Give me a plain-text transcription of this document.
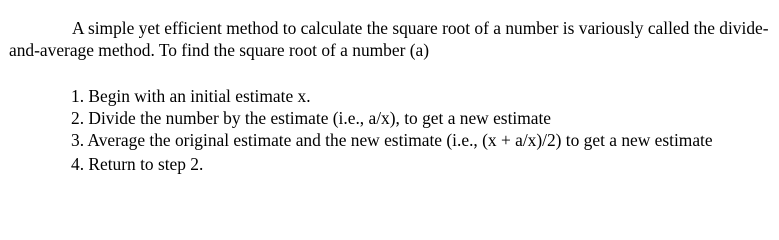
A simple yet efficient method to calculate the square root of a number is variously called the divide- and-average method. To find the square root of a number (a)

1. Begin with an initial estimate x.
2. Divide the number by the estimate (i.e., a/x), to get a new estimate
3. Average the original estimate and the new estimate (i.e., (x + a/x)/2) to get a new estimate
4. Return to step 2.
